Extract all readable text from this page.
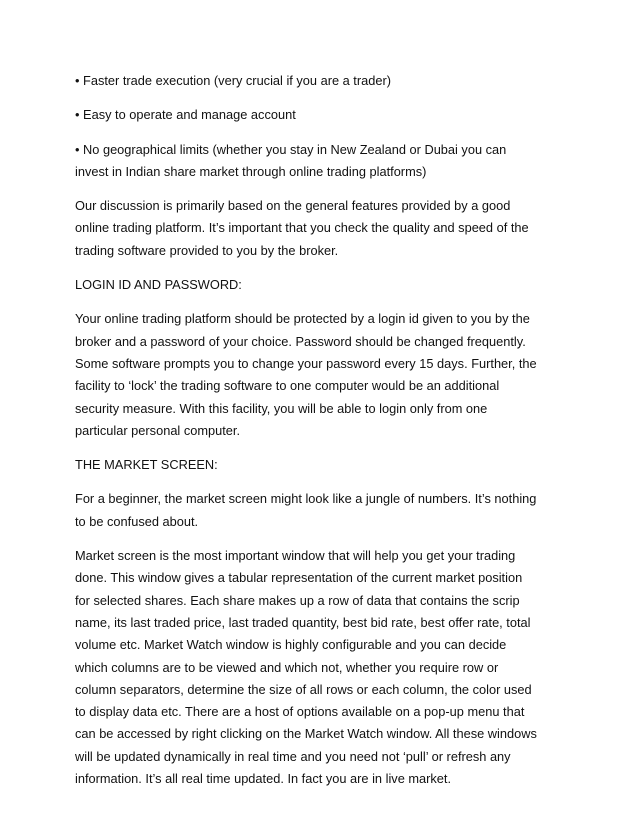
• Faster trade execution (very crucial if you are a trader)

• Easy to operate and manage account

• No geographical limits (whether you stay in New Zealand or Dubai you can
invest in Indian share market through online trading platforms)

Our discussion is primarily based on the general features provided by a good
online trading platform. It’s important that you check the quality and speed of the
trading software provided to you by the broker.

LOGIN ID AND PASSWORD:

Your online trading platform should be protected by a login id given to you by the
broker and a password of your choice. Password should be changed frequently.
Some software prompts you to change your password every 15 days. Further, the
facility to ‘lock’ the trading software to one computer would be an additional
security measure. With this facility, you will be able to login only from one
particular personal computer.

THE MARKET SCREEN:

For a beginner, the market screen might look like a jungle of numbers. It’s nothing
to be confused about.

Market screen is the most important window that will help you get your trading
done. This window gives a tabular representation of the current market position
for selected shares. Each share makes up a row of data that contains the scrip
name, its last traded price, last traded quantity, best bid rate, best offer rate, total
volume etc. Market Watch window is highly configurable and you can decide
which columns are to be viewed and which not, whether you require row or
column separators, determine the size of all rows or each column, the color used
to display data etc. There are a host of options available on a pop-up menu that
can be accessed by right clicking on the Market Watch window. All these windows
will be updated dynamically in real time and you need not ‘pull’ or refresh any
information. It’s all real time updated. In fact you are in live market.
